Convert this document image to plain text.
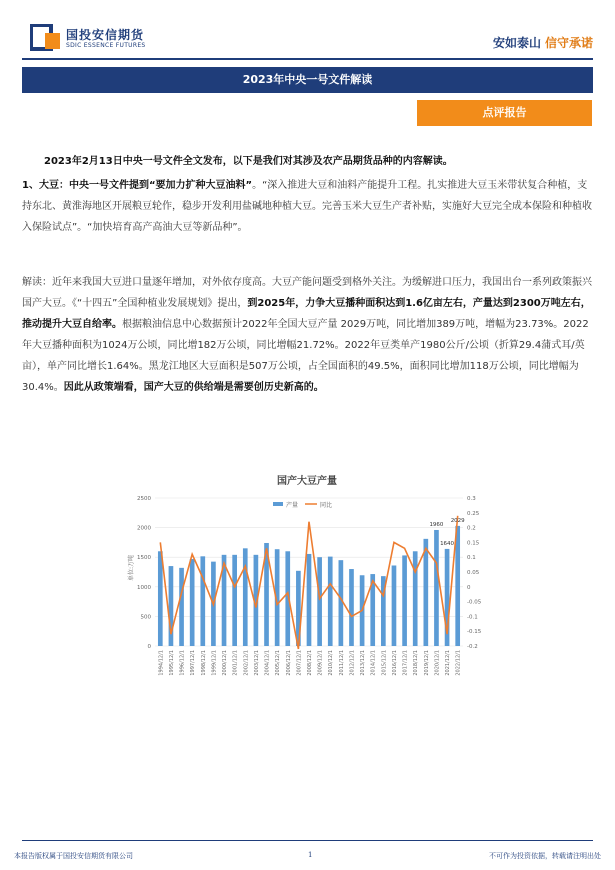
国投安信期货
SDIC ESSENCE FUTURES	安如泰山 信守承诺
2023年中央一号文件解读
点评报告

2023年2月13日中央一号文件全文发布，以下是我们对其涉及农产品期货品种的内容解读。

1、大豆：中央一号文件提到“要加力扩种大豆油料”。“深入推进大豆和油料产能提升工程。扎实推进大豆玉米带状复合种植，支持东北、黄淮海地区开展粮豆轮作，稳步开发利用盐碱地种植大豆。完善玉米大豆生产者补贴，实施好大豆完全成本保险和种植收入保险试点”。“加快培育高产高油大豆等新品种”。

解读：近年来我国大豆进口量逐年增加，对外依存度高。大豆产能问题受到格外关注。为缓解进口压力，我国出台一系列政策振兴国产大豆。《“十四五”全国种植业发展规划》提出，到2025年，力争大豆播种面积达到1.6亿亩左右，产量达到2300万吨左右，推动提升大豆自给率。根据粮油信息中心数据预计2022年全国大豆产量 2029万吨，同比增加389万吨，增幅为23.73%。2022年大豆播种面积为1024万公顷，同比增182万公顷，同比增幅21.72%。2022年豆类单产1980公斤/公顷（折算29.4蒲式耳/英亩），单产同比增长1.64%。黑龙江地区大豆面积是507万公顷，占全国面积的49.5%，面积同比增加118万公顷，同比增幅为30.4%。因此从政策端看，国产大豆的供给端是需要创历史新高的。

国产大豆产量
产量	同比
单位:万吨
0
500
1000
1500
2000
2500
-0.2
-0.15
-0.1
-0.05
0
0.05
0.1
0.15
0.2
0.25
0.3
1994/12/1 1995/12/1 1996/12/1 1997/12/1 1998/12/1 1999/12/1 2000/12/1 2001/12/1 2002/12/1 2003/12/1 2004/12/1 2005/12/1 2006/12/1 2007/12/1 2008/12/1 2009/12/1 2010/12/1 2011/12/1 2012/12/1 2013/12/1 2014/12/1 2015/12/1 2016/12/1 2017/12/1 2018/12/1 2019/12/1 2020/12/1 2021/12/1 2022/12/1
1960
1640
2029
本报告版权属于国投安信期货有限公司	1	不可作为投资依据，转载请注明出处
